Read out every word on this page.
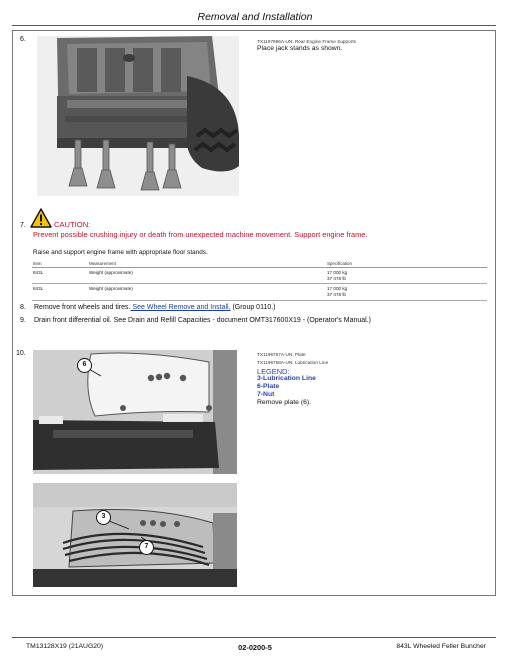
Removal and Installation
6.	TX1197996A-UN: Rear Engine Frame Supports
Place jack stands as shown.
7.	CAUTION:
Prevent possible crushing injury or death from unexpected machine movement. Support engine frame.
Raise and support engine frame with appropriate floor stands.
Item	Measurement	Specification
843L	Weight (approximate)	17 000 kg
37 478 lb

843L	Weight (approximate)	17 000 kg
37 478 lb
8. Remove front wheels and tires. See Wheel Remove and Install. (Group 0110.)
9. Drain front differential oil. See Drain and Refill Capacities - document OMT317600X19 - (Operator's Manual.)
10.
6
3
7
TX1196757A-UN: Plate
TX1196758A-UN: Lubrication Line
LEGEND:
3-Lubrication Line
6-Plate
7-Nut
Remove plate (6).
TM13128X19 (21AUG20)	02-0200-5	843L Wheeled Feller Buncher
